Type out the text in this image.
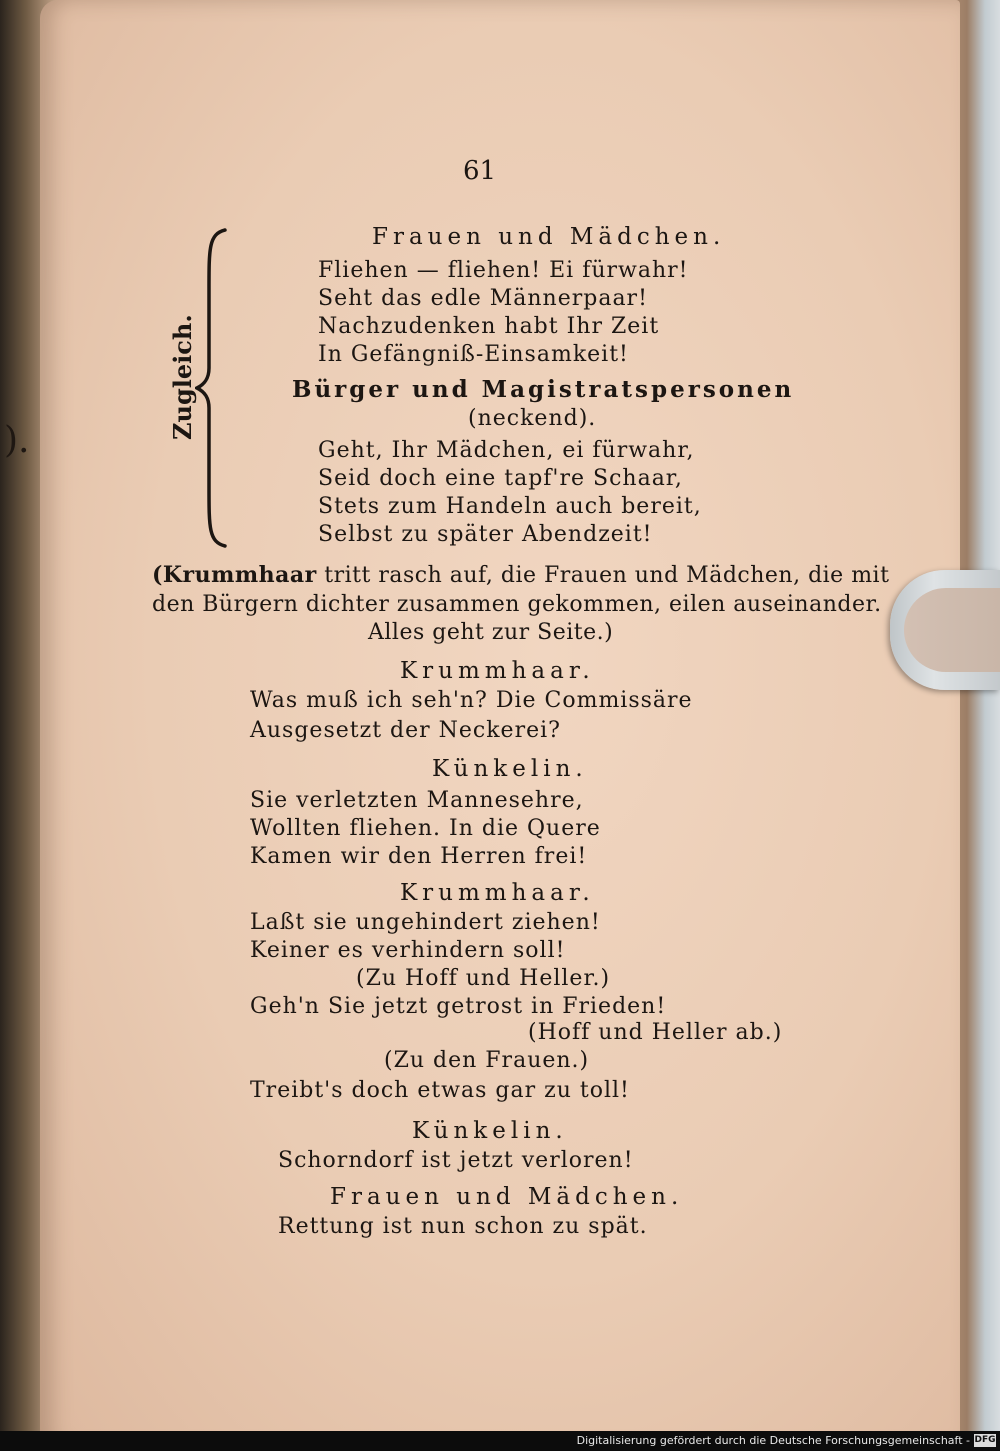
).
61
Zugleich.
Frauen und Mädchen.
Fliehen — fliehen! Ei fürwahr!
Seht das edle Männerpaar!
Nachzudenken habt Ihr Zeit
In Gefängniß-Einsamkeit!
Bürger und Magistratspersonen
(neckend).
Geht, Ihr Mädchen, ei fürwahr,
Seid doch eine tapf're Schaar,
Stets zum Handeln auch bereit,
Selbst zu später Abendzeit!
(Krummhaar tritt rasch auf, die Frauen und Mädchen, die mit
den Bürgern dichter zusammen gekommen, eilen auseinander.
Alles geht zur Seite.)
Krummhaar.
Was muß ich seh'n? Die Commissäre
Ausgesetzt der Neckerei?
Künkelin.
Sie verletzten Mannesehre,
Wollten fliehen. In die Quere
Kamen wir den Herren frei!
Krummhaar.
Laßt sie ungehindert ziehen!
Keiner es verhindern soll!
(Zu Hoff und Heller.)
Geh'n Sie jetzt getrost in Frieden!
(Hoff und Heller ab.)
(Zu den Frauen.)
Treibt's doch etwas gar zu toll!
Künkelin.
Schorndorf ist jetzt verloren!
Frauen und Mädchen.
Rettung ist nun schon zu spät.
Digitalisierung gefördert durch die Deutsche Forschungsgemeinschaft - DFG
